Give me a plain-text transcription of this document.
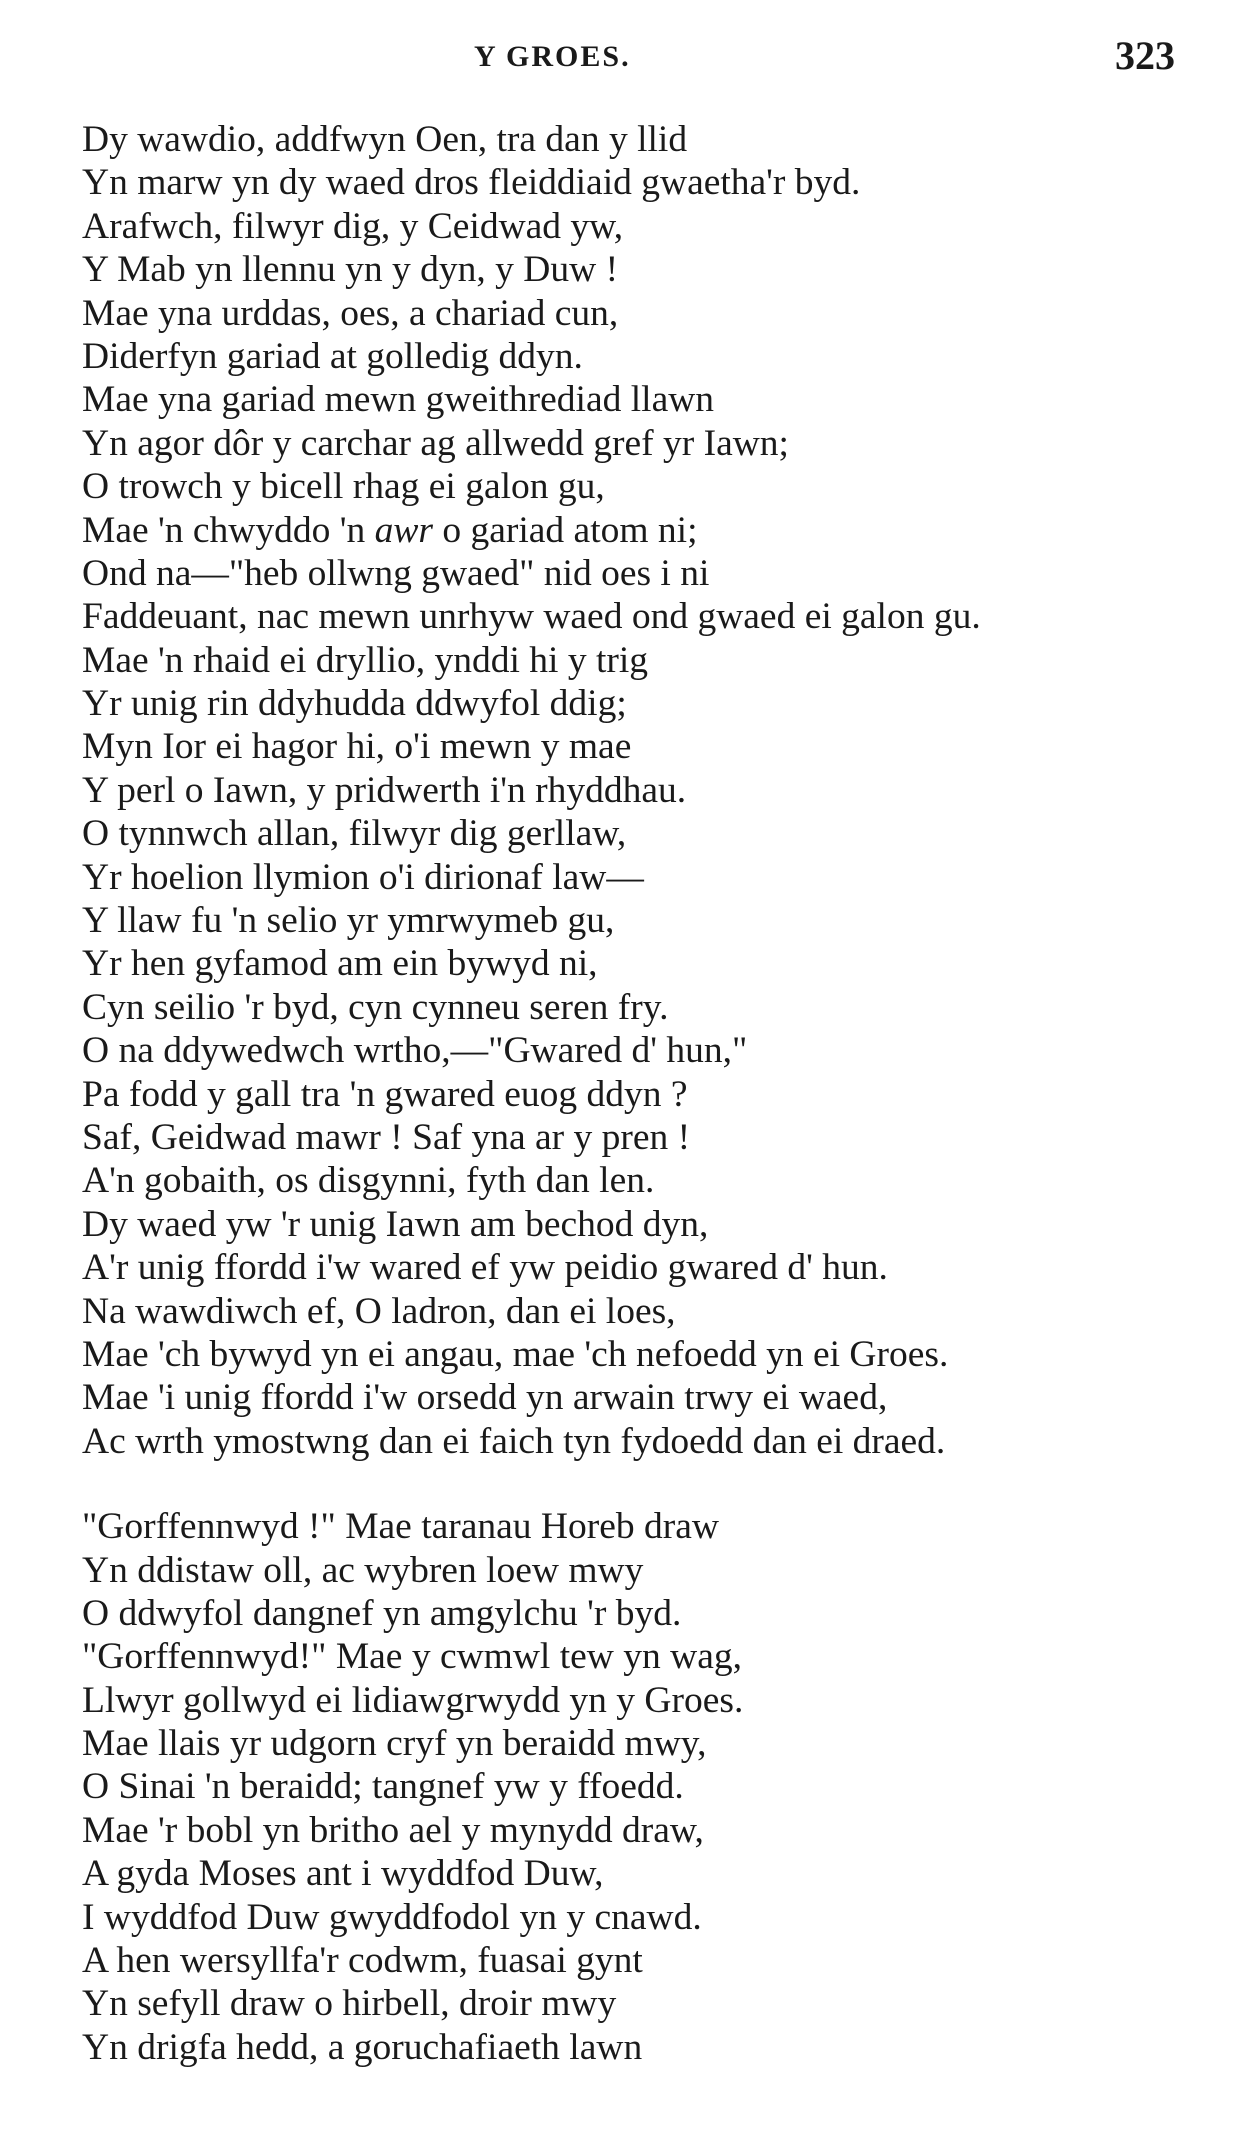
Y GROES.	323
Dy wawdio, addfwyn Oen, tra dan y llid
Yn marw yn dy waed dros fleiddiaid gwaetha'r byd.
Arafwch, filwyr dig, y Ceidwad yw,
Y Mab yn llennu yn y dyn, y Duw !
Mae yna urddas, oes, a chariad cun,
Diderfyn gariad at golledig ddyn.
Mae yna gariad mewn gweithrediad llawn
Yn agor dôr y carchar ag allwedd gref yr Iawn;
O trowch y bicell rhag ei galon gu,
Mae 'n chwyddo 'n awr o gariad atom ni;
Ond na—"heb ollwng gwaed" nid oes i ni
Faddeuant, nac mewn unrhyw waed ond gwaed ei galon gu.
Mae 'n rhaid ei dryllio, ynddi hi y trig
Yr unig rin ddyhudda ddwyfol ddig;
Myn Ior ei hagor hi, o'i mewn y mae
Y perl o Iawn, y pridwerth i'n rhyddhau.
O tynnwch allan, filwyr dig gerllaw,
Yr hoelion llymion o'i dirionaf law—
Y llaw fu 'n selio yr ymrwymeb gu,
Yr hen gyfamod am ein bywyd ni,
Cyn seilio 'r byd, cyn cynneu seren fry.
O na ddywedwch wrtho,—"Gwared d' hun,"
Pa fodd y gall tra 'n gwared euog ddyn ?
Saf, Geidwad mawr ! Saf yna ar y pren !
A'n gobaith, os disgynni, fyth dan len.
Dy waed yw 'r unig Iawn am bechod dyn,
A'r unig ffordd i'w wared ef yw peidio gwared d' hun.
Na wawdiwch ef, O ladron, dan ei loes,
Mae 'ch bywyd yn ei angau, mae 'ch nefoedd yn ei Groes.
Mae 'i unig ffordd i'w orsedd yn arwain trwy ei waed,
Ac wrth ymostwng dan ei faich tyn fydoedd dan ei draed.
"Gorffennwyd !" Mae taranau Horeb draw
Yn ddistaw oll, ac wybren loew mwy
O ddwyfol dangnef yn amgylchu 'r byd.
"Gorffennwyd!" Mae y cwmwl tew yn wag,
Llwyr gollwyd ei lidiawgrwydd yn y Groes.
Mae llais yr udgorn cryf yn beraidd mwy,
O Sinai 'n beraidd; tangnef yw y ffoedd.
Mae 'r bobl yn britho ael y mynydd draw,
A gyda Moses ant i wyddfod Duw,
I wyddfod Duw gwyddfodol yn y cnawd.
A hen wersyllfa'r codwm, fuasai gynt
Yn sefyll draw o hirbell, droir mwy
Yn drigfa hedd, a goruchafiaeth lawn
